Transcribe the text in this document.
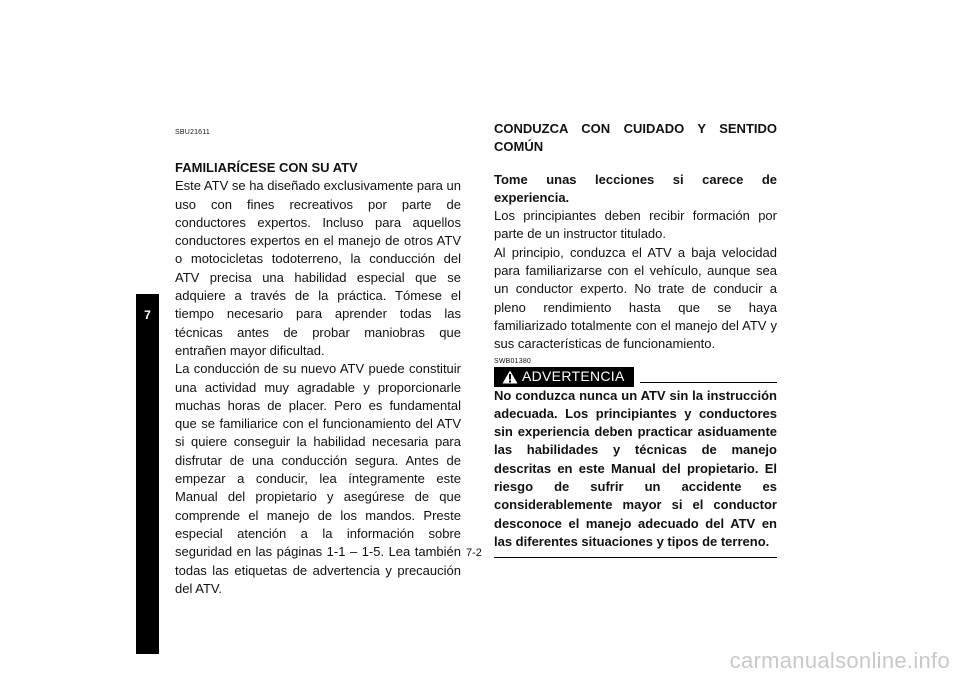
7
SBU21611

FAMILIARÍCESE CON SU ATV

Este ATV se ha diseñado exclusivamente para un uso con fines recreativos por parte de conductores expertos. Incluso para aquellos conductores expertos en el manejo de otros ATV o motocicletas todoterreno, la conducción del ATV precisa una habilidad especial que se adquiere a través de la práctica. Tómese el tiempo necesario para aprender todas las técnicas antes de probar maniobras que entrañen mayor dificultad.

La conducción de su nuevo ATV puede constituir una actividad muy agradable y proporcionarle muchas horas de placer. Pero es fundamental que se familiarice con el funcionamiento del ATV si quiere conseguir la habilidad necesaria para disfrutar de una conducción segura. Antes de empezar a conducir, lea íntegramente este Manual del propietario y asegúrese de que comprende el manejo de los mandos. Preste especial atención a la información sobre seguridad en las páginas 1-1 – 1-5. Lea también todas las etiquetas de advertencia y precaución del ATV.

CONDUZCA CON CUIDADO Y SENTIDO COMÚN

Tome unas lecciones si carece de experiencia.

Los principiantes deben recibir formación por parte de un instructor titulado.

Al principio, conduzca el ATV a baja velocidad para familiarizarse con el vehículo, aunque sea un conductor experto. No trate de conducir a pleno rendimiento hasta que se haya familiarizado totalmente con el manejo del ATV y sus características de funcionamiento.

SWB01380
ADVERTENCIA

No conduzca nunca un ATV sin la instrucción adecuada. Los principiantes y conductores sin experiencia deben practicar asiduamente las habilidades y técnicas de manejo descritas en este Manual del propietario. El riesgo de sufrir un accidente es considerablemente mayor si el conductor desconoce el manejo adecuado del ATV en las diferentes situaciones y tipos de terreno.

7-2
carmanualsonline.info
